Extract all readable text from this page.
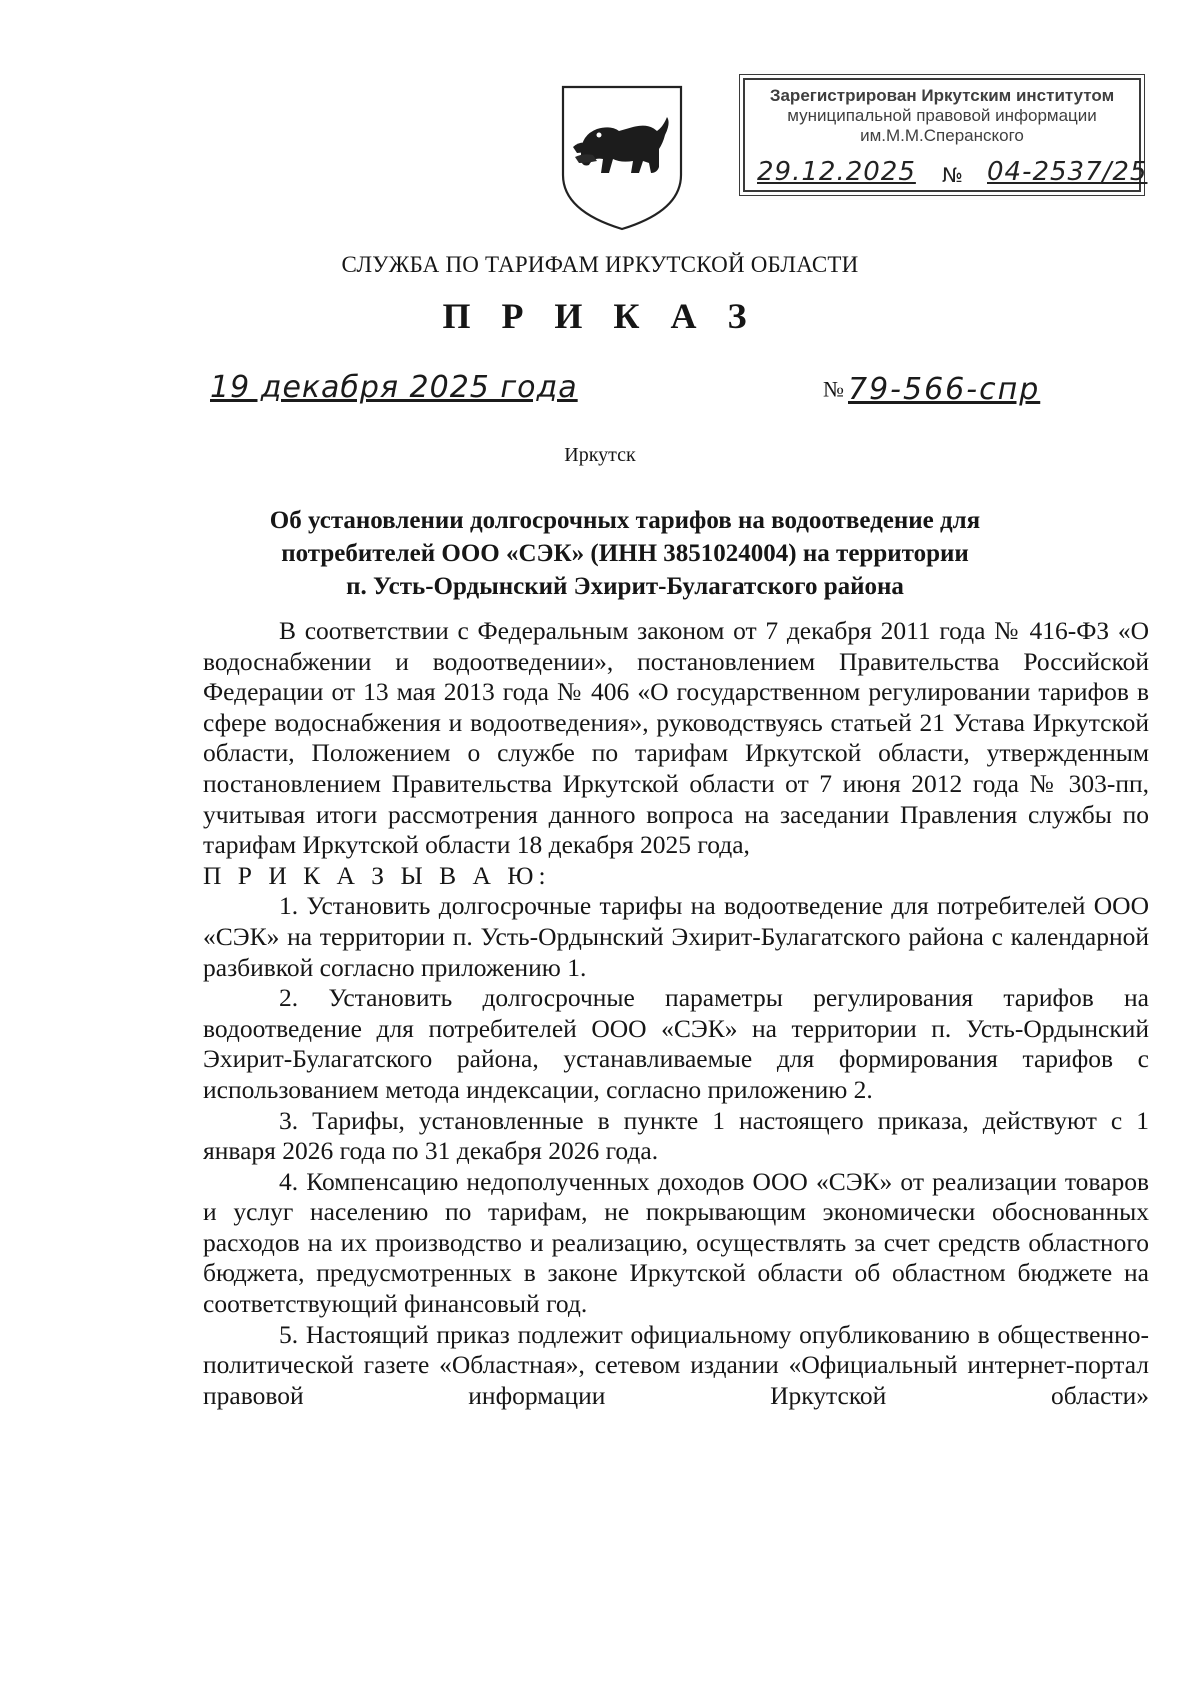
Зарегистрирован Иркутским институтом
муниципальной правовой информации
им.М.М.Сперанского
29.12.2025 № 04-2537/25
СЛУЖБА ПО ТАРИФАМ ИРКУТСКОЙ ОБЛАСТИ
П Р И К А З
19 декабря 2025 года	№ 79-566-спр
Иркутск
Об установлении долгосрочных тарифов на водоотведение для
потребителей ООО «СЭК» (ИНН 3851024004) на территории
п. Усть-Ордынский Эхирит-Булагатского района

В соответствии с Федеральным законом от 7 декабря 2011 года № 416-ФЗ «О водоснабжении и водоотведении», постановлением Правительства Российской Федерации от 13 мая 2013 года № 406 «О государственном регулировании тарифов в сфере водоснабжения и водоотведения», руководствуясь статьей 21 Устава Иркутской области, Положением о службе по тарифам Иркутской области, утвержденным постановлением Правительства Иркутской области от 7 июня 2012 года № 303-пп, учитывая итоги рассмотрения данного вопроса на заседании Правления службы по тарифам Иркутской области 18 декабря 2025 года,

П Р И К А З Ы В А Ю:

1. Установить долгосрочные тарифы на водоотведение для потребителей ООО «СЭК» на территории п. Усть-Ордынский Эхирит-Булагатского района с календарной разбивкой согласно приложению 1.

2. Установить долгосрочные параметры регулирования тарифов на водоотведение для потребителей ООО «СЭК» на территории п. Усть-Ордынский Эхирит-Булагатского района, устанавливаемые для формирования тарифов с использованием метода индексации, согласно приложению 2.

3. Тарифы, установленные в пункте 1 настоящего приказа, действуют с 1 января 2026 года по 31 декабря 2026 года.

4. Компенсацию недополученных доходов ООО «СЭК» от реализации товаров и услуг населению по тарифам, не покрывающим экономически обоснованных расходов на их производство и реализацию, осуществлять за счет средств областного бюджета, предусмотренных в законе Иркутской области об областном бюджете на соответствующий финансовый год.

5. Настоящий приказ подлежит официальному опубликованию в общественно-политической газете «Областная», сетевом издании «Официальный интернет-портал правовой информации Иркутской области»
